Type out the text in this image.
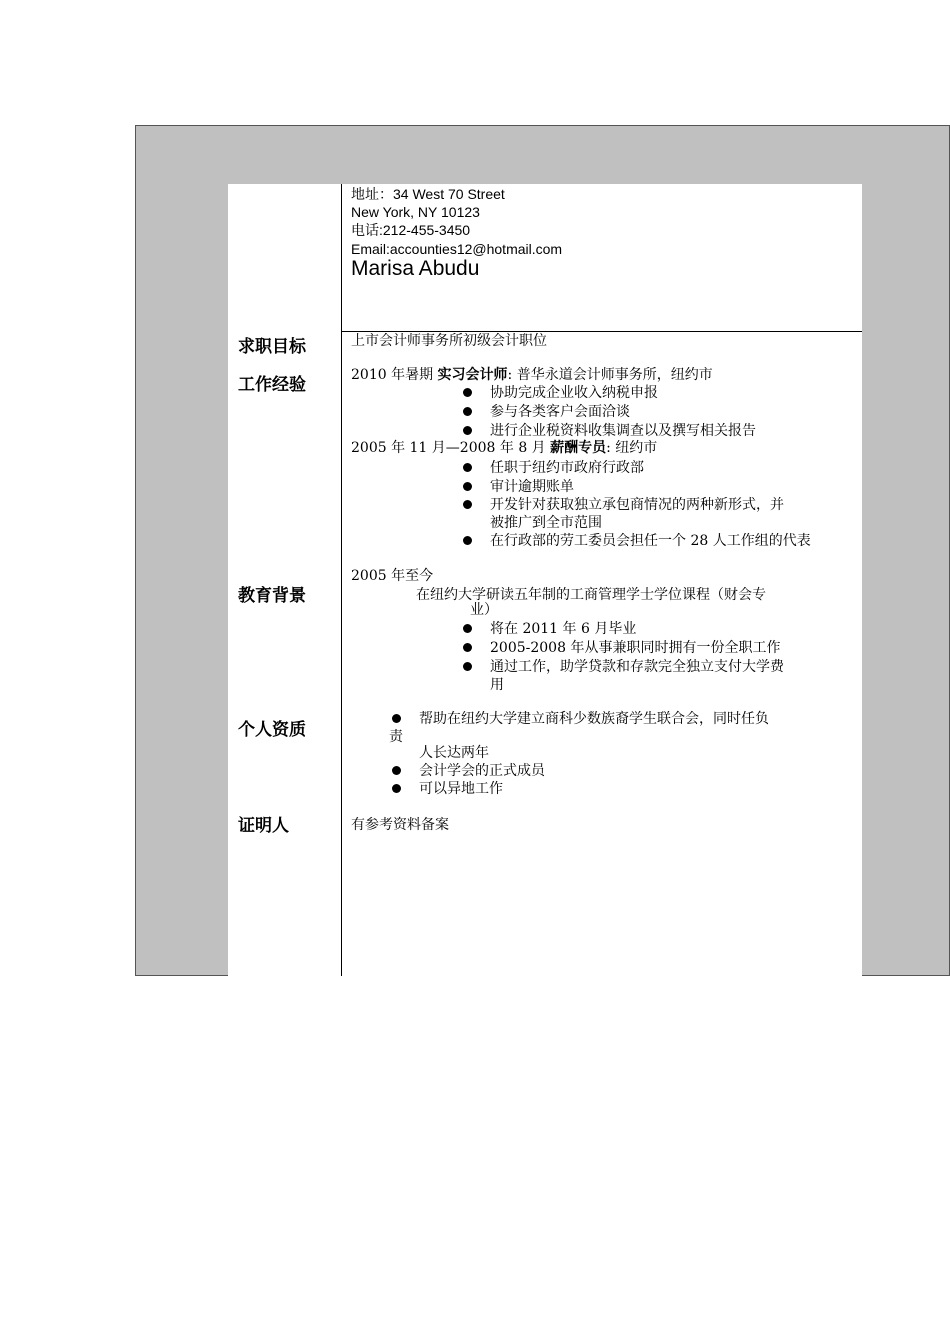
地址：34 West 70 Street
New York, NY 10123
电话:212-455-3450
Email:accounties12@hotmail.com
Marisa Abudu
求职目标
工作经验
教育背景
个人资质
证明人
上市会计师事务所初级会计职位
2010 年暑期 实习会计师: 普华永道会计师事务所，纽约市
协助完成企业收入纳税申报
参与各类客户会面洽谈
进行企业税资料收集调查以及撰写相关报告
2005 年 11 月—2008 年 8 月 薪酬专员: 纽约市
任职于纽约市政府行政部
审计逾期账单
开发针对获取独立承包商情况的两种新形式，并
被推广到全市范围
在行政部的劳工委员会担任一个 28 人工作组的代表
2005 年至今
在纽约大学研读五年制的工商管理学士学位课程（财会专
业）
将在 2011 年 6 月毕业
2005-2008 年从事兼职同时拥有一份全职工作
通过工作，助学贷款和存款完全独立支付大学费
用
帮助在纽约大学建立商科少数族裔学生联合会，同时任负
责
人长达两年
会计学会的正式成员
可以异地工作
有参考资料备案
